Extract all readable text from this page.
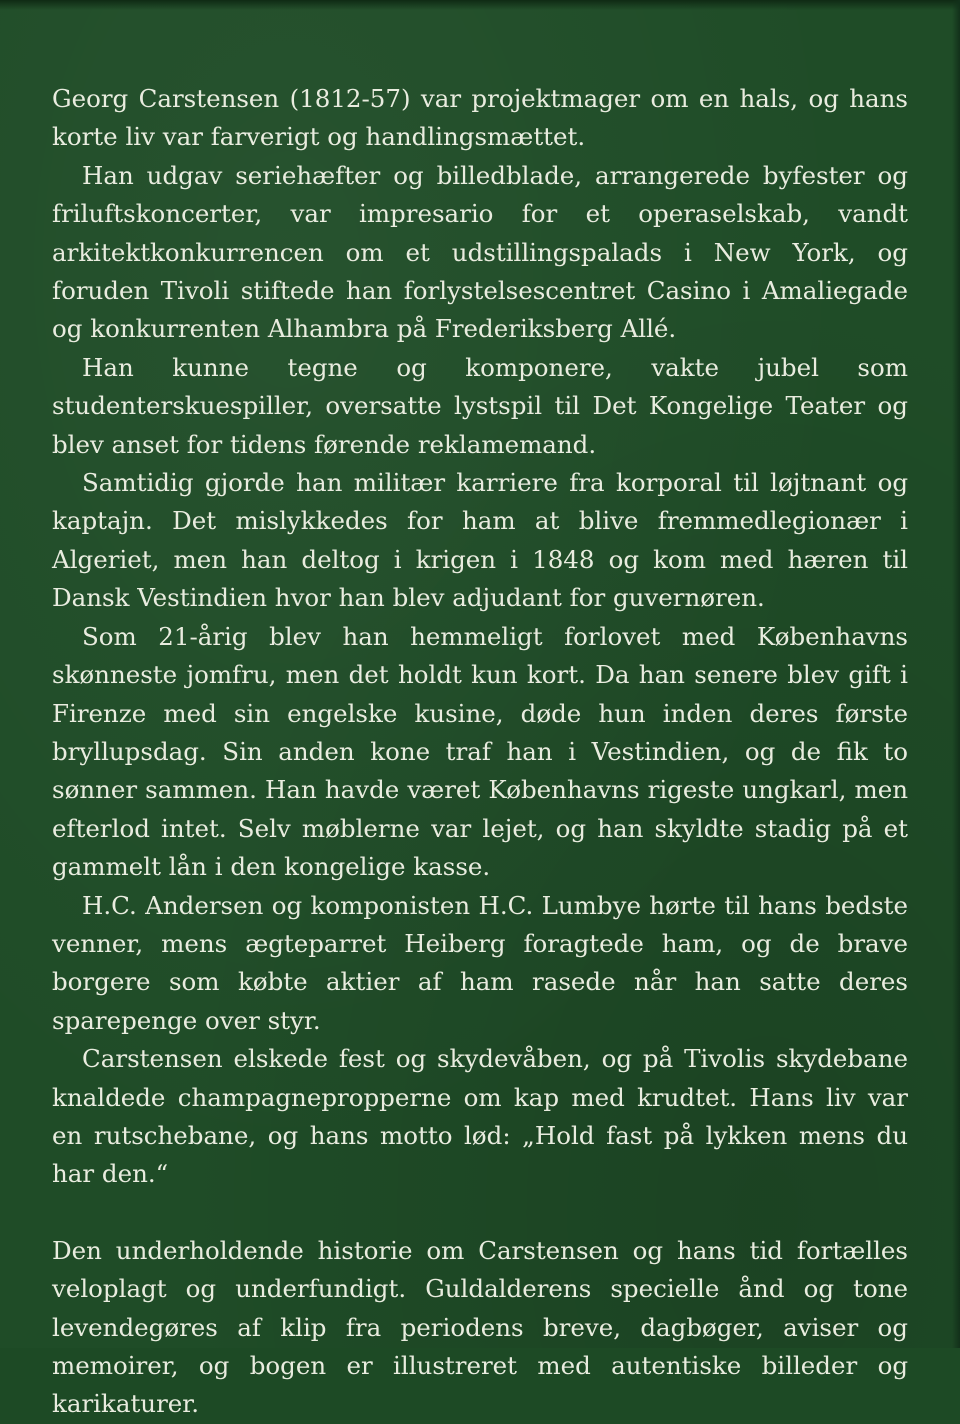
Georg Carstensen (1812-57) var projektmager om en hals, og hans korte liv var farverigt og handlingsmættet.

Han udgav seriehæfter og billedblade, arrangerede byfester og friluftskoncerter, var impresario for et operaselskab, vandt arkitektkonkurrencen om et udstillingspalads i New York, og foruden Tivoli stiftede han forlystelsescentret Casino i Amaliegade og konkurrenten Alhambra på Frederiksberg Allé.

Han kunne tegne og komponere, vakte jubel som studenterskuespiller, oversatte lystspil til Det Kongelige Teater og blev anset for tidens førende reklamemand.

Samtidig gjorde han militær karriere fra korporal til løjtnant og kaptajn. Det mislykkedes for ham at blive fremmedlegionær i Algeriet, men han deltog i krigen i 1848 og kom med hæren til Dansk Vestindien hvor han blev adjudant for guvernøren.

Som 21-årig blev han hemmeligt forlovet med Københavns skønneste jomfru, men det holdt kun kort. Da han senere blev gift i Firenze med sin engelske kusine, døde hun inden deres første bryllupsdag. Sin anden kone traf han i Vestindien, og de fik to sønner sammen. Han havde været Københavns rigeste ungkarl, men efterlod intet. Selv møblerne var lejet, og han skyldte stadig på et gammelt lån i den kongelige kasse.

H.C. Andersen og komponisten H.C. Lumbye hørte til hans bedste venner, mens ægteparret Heiberg foragtede ham, og de brave borgere som købte aktier af ham rasede når han satte deres sparepenge over styr.

Carstensen elskede fest og skydevåben, og på Tivolis skydebane knaldede champagnepropperne om kap med krudtet. Hans liv var en rutschebane, og hans motto lød: „Hold fast på lykken mens du har den.“

Den underholdende historie om Carstensen og hans tid fortælles veloplagt og underfundigt. Guldalderens specielle ånd og tone levendegøres af klip fra periodens breve, dagbøger, aviser og memoirer, og bogen er illustreret med autentiske billeder og karikaturer.
